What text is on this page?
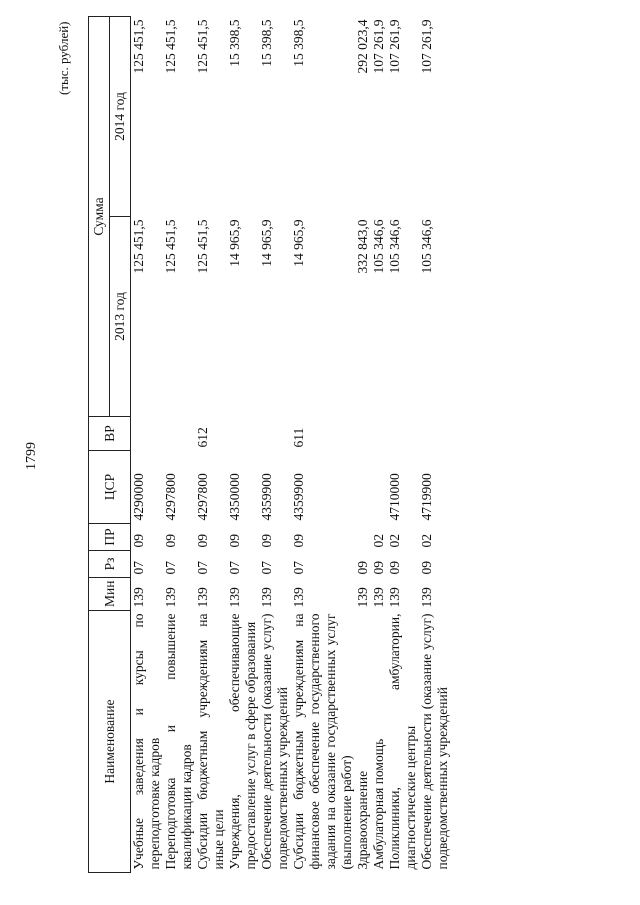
1799
(тыс. рублей)
Наименование	Мин	Рз	ПР	ЦСР	ВР	Сумма	
						2013 год	2014 год
Учебные заведения и курсы по переподготовке кадров	139	07	09	4290000		125 451,5	125 451,5
Переподготовка и повышение квалификации кадров	139	07	09	4297800		125 451,5	125 451,5
Субсидии бюджетным учреждениям на иные цели	139	07	09	4297800	612	125 451,5	125 451,5
Учреждения, обеспечивающие предоставление услуг в сфере образования	139	07	09	4350000		14 965,9	15 398,5
Обеспечение деятельности (оказание услуг) подведомственных учреждений	139	07	09	4359900		14 965,9	15 398,5
Субсидии бюджетным учреждениям на финансовое обеспечение государственного задания на оказание государственных услуг (выполнение работ)	139	07	09	4359900	611	14 965,9	15 398,5
Здравоохранение	139	09				332 843,0	292 023,4
Амбулаторная помощь	139	09	02			105 346,6	107 261,9
Поликлиники, амбулатории, диагностические центры	139	09	02	4710000		105 346,6	107 261,9
Обеспечение деятельности (оказание услуг) подведомственных учреждений	139	09	02	4719900		105 346,6	107 261,9
